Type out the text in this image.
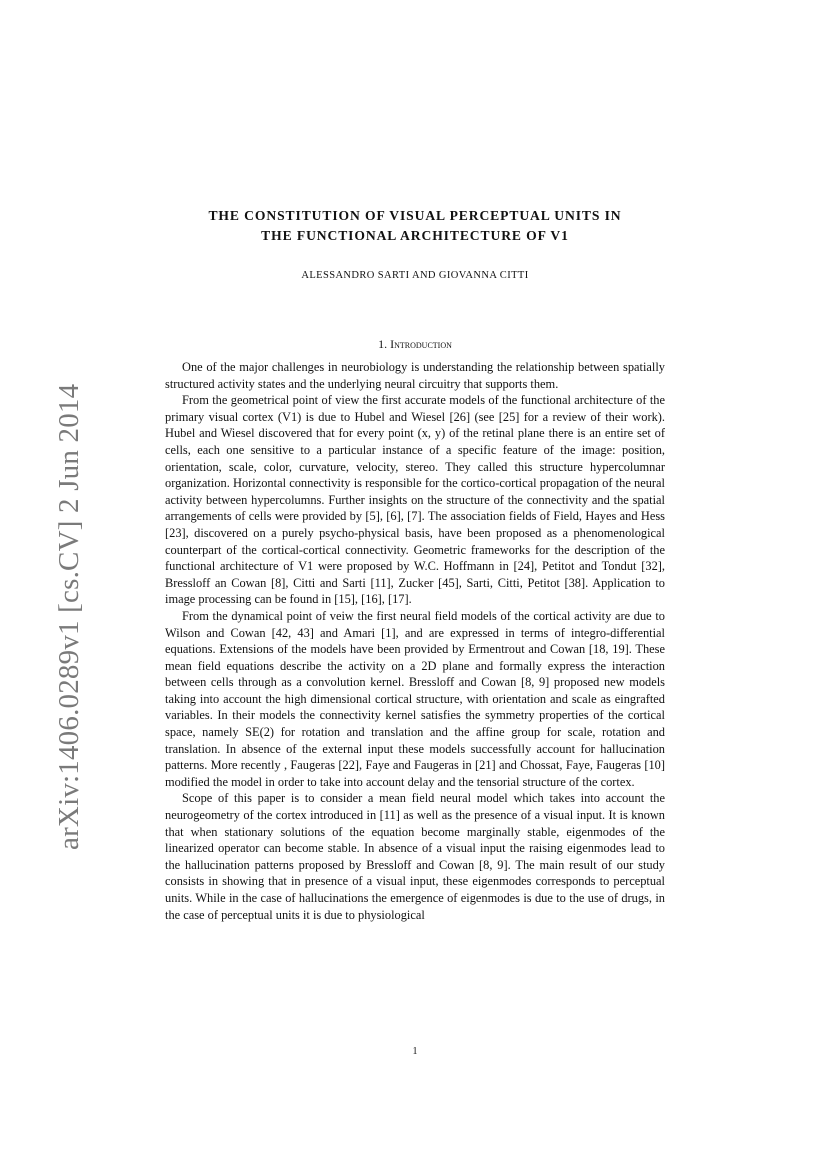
arXiv:1406.0289v1 [cs.CV] 2 Jun 2014
THE CONSTITUTION OF VISUAL PERCEPTUAL UNITS IN
THE FUNCTIONAL ARCHITECTURE OF V1
ALESSANDRO SARTI AND GIOVANNA CITTI
1. Introduction

One of the major challenges in neurobiology is understanding the relationship between spatially structured activity states and the underlying neural circuitry that supports them.

From the geometrical point of view the first accurate models of the functional architecture of the primary visual cortex (V1) is due to Hubel and Wiesel [26] (see [25] for a review of their work). Hubel and Wiesel discovered that for every point (x, y) of the retinal plane there is an entire set of cells, each one sensitive to a particular instance of a specific feature of the image: position, orientation, scale, color, curvature, velocity, stereo. They called this structure hypercolumnar organization. Horizontal connectivity is responsible for the cortico-cortical propagation of the neural activity between hypercolumns. Further insights on the structure of the connectivity and the spatial arrangements of cells were provided by [5], [6], [7]. The association fields of Field, Hayes and Hess [23], discovered on a purely psycho-physical basis, have been proposed as a phenomenological counterpart of the cortical-cortical connectivity. Geometric frameworks for the description of the functional architecture of V1 were proposed by W.C. Hoffmann in [24], Petitot and Tondut [32], Bressloff an Cowan [8], Citti and Sarti [11], Zucker [45], Sarti, Citti, Petitot [38]. Application to image processing can be found in [15], [16], [17].

From the dynamical point of veiw the first neural field models of the cortical activity are due to Wilson and Cowan [42, 43] and Amari [1], and are expressed in terms of integro-differential equations. Extensions of the models have been provided by Ermentrout and Cowan [18, 19]. These mean field equations describe the activity on a 2D plane and formally express the interaction between cells through as a convolution kernel. Bressloff and Cowan [8, 9] proposed new models taking into account the high dimensional cortical structure, with orientation and scale as eingrafted variables. In their models the connectivity kernel satisfies the symmetry properties of the cortical space, namely SE(2) for rotation and translation and the affine group for scale, rotation and translation. In absence of the external input these models successfully account for hallucination patterns. More recently , Faugeras [22], Faye and Faugeras in [21] and Chossat, Faye, Faugeras [10] modified the model in order to take into account delay and the tensorial structure of the cortex.

Scope of this paper is to consider a mean field neural model which takes into account the neurogeometry of the cortex introduced in [11] as well as the presence of a visual input. It is known that when stationary solutions of the equation become marginally stable, eigenmodes of the linearized operator can become stable. In absence of a visual input the raising eigenmodes lead to the hallucination patterns proposed by Bressloff and Cowan [8, 9]. The main result of our study consists in showing that in presence of a visual input, these eigenmodes corresponds to perceptual units. While in the case of hallucinations the emergence of eigenmodes is due to the use of drugs, in the case of perceptual units it is due to physiological

1
